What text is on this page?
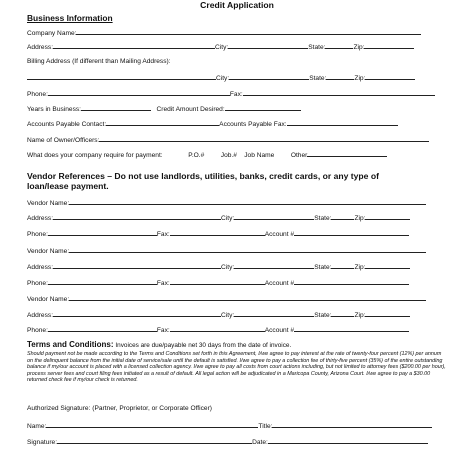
Credit Application
Business Information
Company Name:
Address:	City:	State:	Zip:
Billing Address (If different than Mailing Address):
City:	State:	Zip:
Phone:	Fax:
Years in Business:	Credit Amount Desired:
Accounts Payable Contact:	Accounts Payable Fax:
Name of Owner/Officers:
What does your company require for payment:	P.O.#	Job.# Job Name	Other
Vendor References – Do not use landlords, utilities, banks, credit cards, or any type of
loan/lease payment.
Vendor Name:
Address:	City:	State:	Zip:
Phone:	Fax:	Account #
Vendor Name:
Address:	City:	State:	Zip:
Phone:	Fax:	Account #
Vendor Name:
Address:	City:	State:	Zip:
Phone:	Fax:	Account #
Terms and Conditions: Invoices are due/payable net 30 days from the date of invoice.
Should payment not be made according to the Terms and Conditions set forth in this Agreement, I/we agree to pay interest at the rate of twenty-four percent (12%) per annum on the delinquent balance from the initial date of service/sale until the default is satisfied. I/we agree to pay a collection fee of thirty-five percent (35%) of the entire outstanding balance if my/our account is placed with a licensed collection agency. I/we agree to pay all costs from court actions including, but not limited to attorney fees ($200.00 per hour), process server fees and court filing fees initiated as a result of default. All legal action will be adjudicated in a Maricopa County, Arizona Court. I/we agree to pay a $30.00 returned check fee if my/our check is returned.
Authorized Signature: (Partner, Proprietor, or Corporate Officer)
Name:	Title:
Signature:	Date:
